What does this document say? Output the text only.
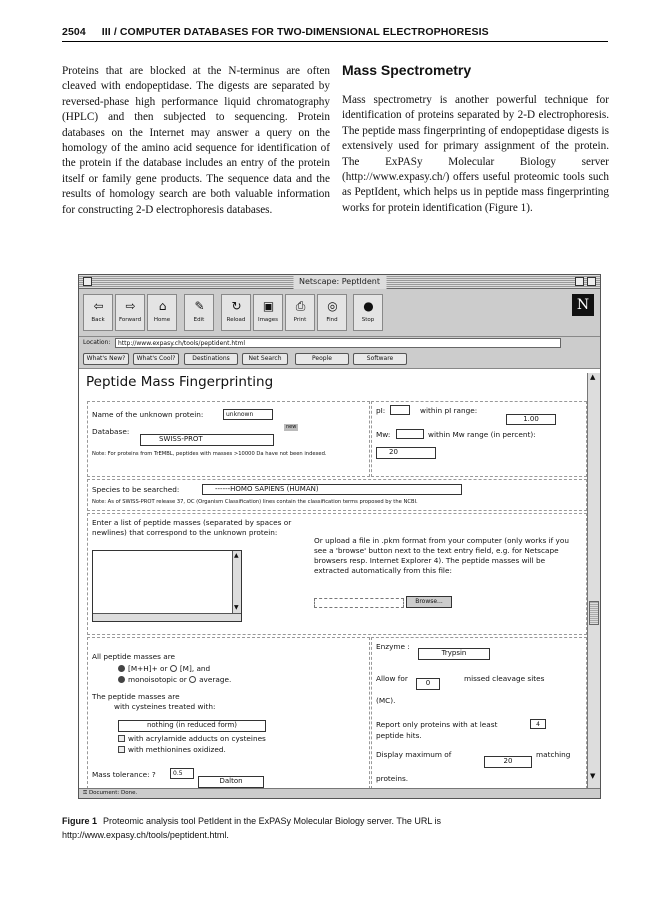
2504 III / COMPUTER DATABASES FOR TWO-DIMENSIONAL ELECTROPHORESIS

Proteins that are blocked at the N-terminus are often cleaved with endopeptidase. The digests are separated by reversed-phase high performance liquid chromatography (HPLC) and then subjected to sequencing. Protein databases on the Internet may answer a query on the homology of the amino acid sequence for identification of the protein if the database includes an entry of the protein itself or family gene products. The sequence data and the results of homology search are both valuable information for constructing 2-D electrophoresis databases.

Mass Spectrometry

Mass spectrometry is another powerful technique for identification of proteins separated by 2-D electrophoresis. The peptide mass fingerprinting of endopeptidase digests is extensively used for primary assignment of the protein. The ExPASy Molecular Biology server (http://www.expasy.ch/) offers useful proteomic tools such as PeptIdent, which helps us in peptide mass fingerprinting works for protein identification (Figure 1).

Netscape: PeptIdent
⇦
Back
⇨
Forward
⌂
Home
✎
Edit
↻
Reload
▣
Images
⎙
Print
◎
Find
●
Stop
N
Location:	http://www.expasy.ch/tools/peptident.html
What's New?	What's Cool?	Destinations	Net Search	People	Software
Peptide Mass Fingerprinting
Name of the unknown protein:	unknown
new
Database:
SWISS-PROT
Note: For proteins from TrEMBL, peptides with masses >10000 Da have not been indexed.
pI:	within pI range:
1.00
Mw:	within Mw range (in percent):
20
Species to be searched:	------HOMO SAPIENS (HUMAN)
Note: As of SWISS-PROT release 37, OC (Organism Classification) lines contain the classification terms proposed by the NCBI.
Enter a list of peptide masses (separated by spaces or newlines) that correspond to the unknown protein:
▲
▼
Or upload a file in .pkm format from your computer (only works if you see a 'browse' button next to the text entry field, e.g. for Netscape browsers resp. Internet Explorer 4). The peptide masses will be extracted automatically from this file:
Browse...
All peptide masses are
[M+H]+ or [M], and
monoisotopic or average.
The peptide masses are
with cysteines treated with:
nothing (in reduced form)
with acrylamide adducts on cysteines
with methionines oxidized.
Mass tolerance: ?	0.5
Dalton
Enzyme :
Trypsin
Allow for	0	missed cleavage sites
(MC).
Report only proteins with at least	4
peptide hits.
Display maximum of
20
matching
proteins.
▲
▼
⚿ Document: Done.
Figure 1 Proteomic analysis tool PetIdent in the ExPASy Molecular Biology server. The URL is http://www.expasy.ch/tools/peptident.html.
